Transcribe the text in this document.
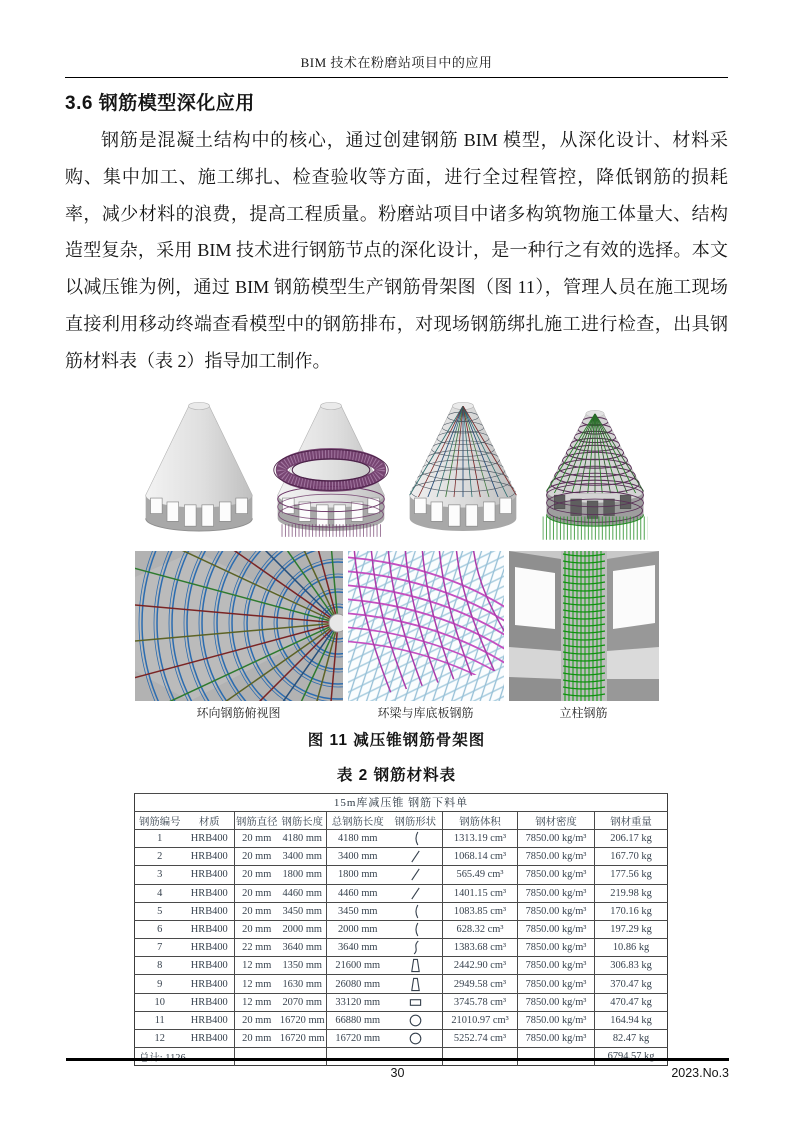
BIM 技术在粉磨站项目中的应用
3.6 钢筋模型深化应用

钢筋是混凝土结构中的核心，通过创建钢筋 BIM 模型，从深化设计、材料采购、集中加工、施工绑扎、检查验收等方面，进行全过程管控，降低钢筋的损耗率，减少材料的浪费，提高工程质量。粉磨站项目中诸多构筑物施工体量大、结构造型复杂，采用 BIM 技术进行钢筋节点的深化设计，是一种行之有效的选择。本文以减压锥为例，通过 BIM 钢筋模型生产钢筋骨架图（图 11），管理人员在施工现场直接利用移动终端查看模型中的钢筋排布，对现场钢筋绑扎施工进行检查，出具钢筋材料表（表 2）指导加工制作。

环向钢筋俯视图	环梁与库底板钢筋	立柱钢筋
图 11 减压锥钢筋骨架图
表 2 钢筋材料表
15m库减压锥 钢筋下料单								
钢筋编号	材质	钢筋直径	钢筋长度	总钢筋长度	钢筋形状	钢筋体积	钢材密度	钢材重量
1	HRB400	20 mm	4180 mm	4180 mm		1313.19 cm³	7850.00 kg/m³	206.17 kg
2	HRB400	20 mm	3400 mm	3400 mm		1068.14 cm³	7850.00 kg/m³	167.70 kg
3	HRB400	20 mm	1800 mm	1800 mm		565.49 cm³	7850.00 kg/m³	177.56 kg
4	HRB400	20 mm	4460 mm	4460 mm		1401.15 cm³	7850.00 kg/m³	219.98 kg
5	HRB400	20 mm	3450 mm	3450 mm		1083.85 cm³	7850.00 kg/m³	170.16 kg
6	HRB400	20 mm	2000 mm	2000 mm		628.32 cm³	7850.00 kg/m³	197.29 kg
7	HRB400	22 mm	3640 mm	3640 mm		1383.68 cm³	7850.00 kg/m³	10.86 kg
8	HRB400	12 mm	1350 mm	21600 mm		2442.90 cm³	7850.00 kg/m³	306.83 kg
9	HRB400	12 mm	1630 mm	26080 mm		2949.58 cm³	7850.00 kg/m³	370.47 kg
10	HRB400	12 mm	2070 mm	33120 mm		3745.78 cm³	7850.00 kg/m³	470.47 kg
11	HRB400	20 mm	16720 mm	66880 mm		21010.97 cm³	7850.00 kg/m³	164.94 kg
12	HRB400	20 mm	16720 mm	16720 mm		5252.74 cm³	7850.00 kg/m³	82.47 kg
总计: 1126								6794.57 kg
30	2023.No.3
